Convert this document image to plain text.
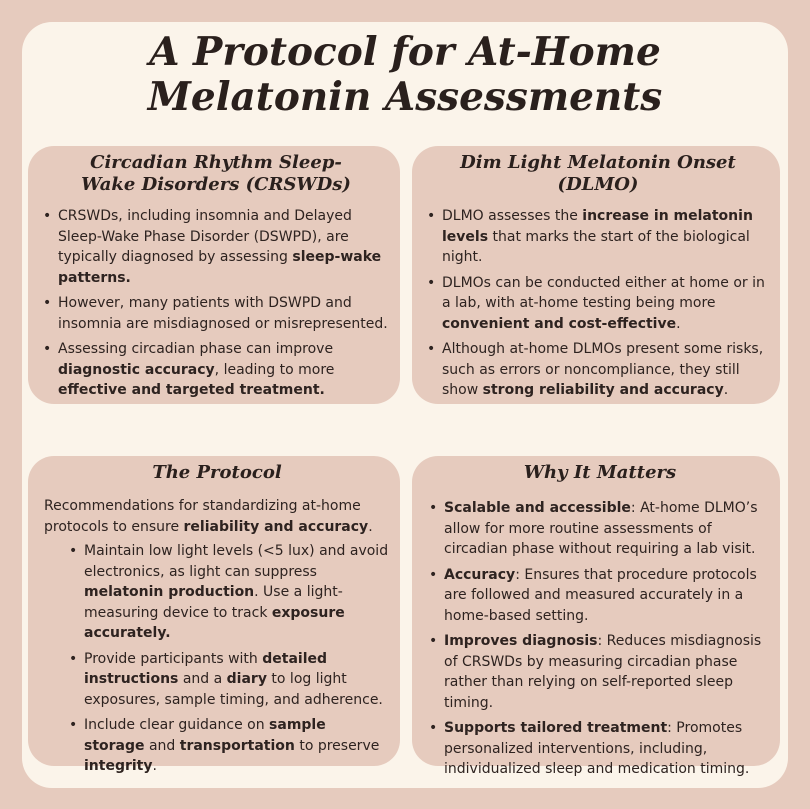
A Protocol for At-Home
Melatonin Assessments
Circadian Rhythm Sleep-
Wake Disorders (CRSWDs)
• CRSWDs, including insomnia and Delayed Sleep-Wake Phase Disorder (DSWPD), are typically diagnosed by assessing sleep-wake patterns.
• However, many patients with DSWPD and insomnia are misdiagnosed or misrepresented.
• Assessing circadian phase can improve diagnostic accuracy, leading to more effective and targeted treatment.
Dim Light Melatonin Onset
(DLMO)
• DLMO assesses the increase in melatonin levels that marks the start of the biological night.
• DLMOs can be conducted either at home or in a lab, with at-home testing being more convenient and cost-effective.
• Although at-home DLMOs present some risks, such as errors or noncompliance, they still show strong reliability and accuracy.
The Protocol

Recommendations for standardizing at-home protocols to ensure reliability and accuracy.

• Maintain low light levels (<5 lux) and avoid electronics, as light can suppress melatonin production. Use a light-measuring device to track exposure accurately.
• Provide participants with detailed instructions and a diary to log light exposures, sample timing, and adherence.
• Include clear guidance on sample storage and transportation to preserve integrity.
Why It Matters
• Scalable and accessible: At-home DLMO’s allow for more routine assessments of circadian phase without requiring a lab visit.
• Accuracy: Ensures that procedure protocols are followed and measured accurately in a home-based setting.
• Improves diagnosis: Reduces misdiagnosis of CRSWDs by measuring circadian phase rather than relying on self-reported sleep timing.
• Supports tailored treatment: Promotes personalized interventions, including, individualized sleep and medication timing.
